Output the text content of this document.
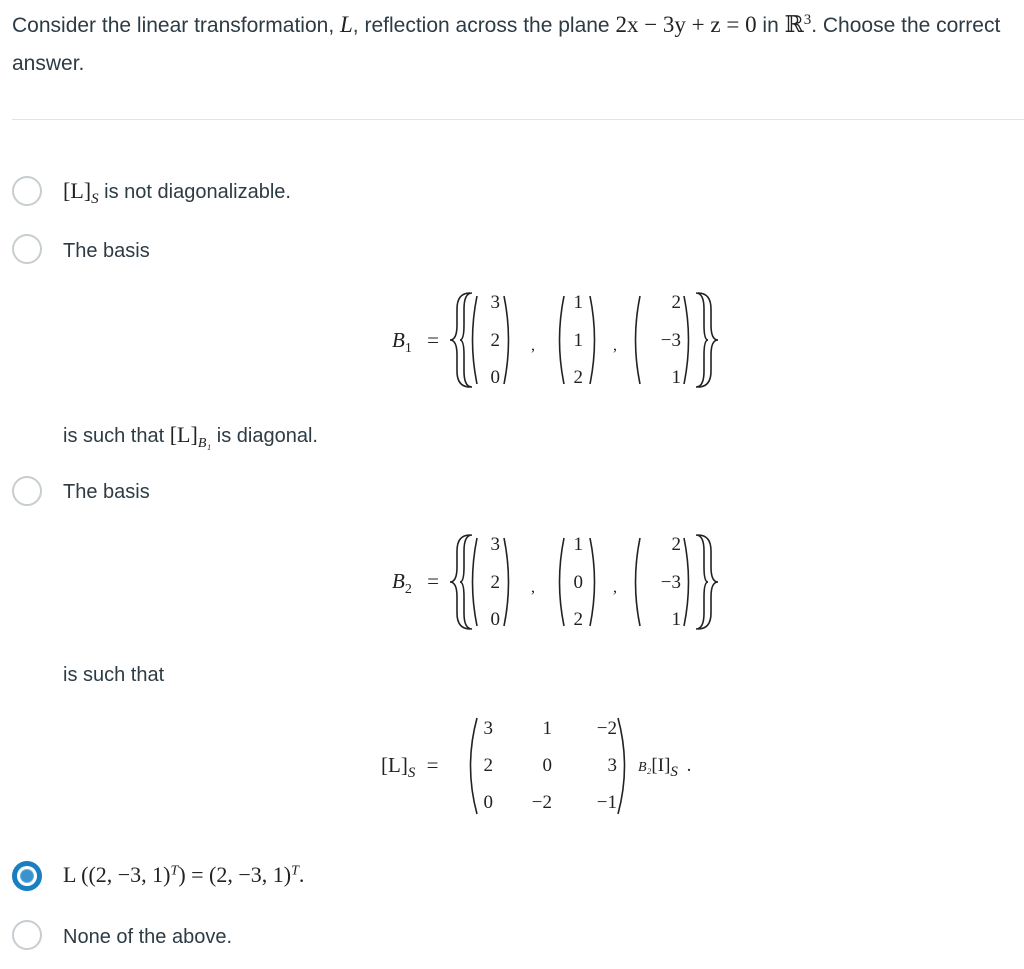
Consider the linear transformation, L, reflection across the plane 2x − 3y + z = 0 in ℝ$^3$. Choose the correct answer.
$[L]_S$ is not diagonalizable.
The basis
$B_1$ =	,	,
3
2
0
1
1
2
2
−3
1
is such that $[L]_{B_1}$ is diagonal.
The basis
$B_2$ =	,	,
3
2
0
1
0
2
2
−3
1
is such that
$[L]_S$ =
3	1	−2
2	0	3
0	−2	−1
$B_2[I]_S$ .
L ((2, −3, 1)$^T$) = (2, −3, 1)$^T$.
None of the above.
